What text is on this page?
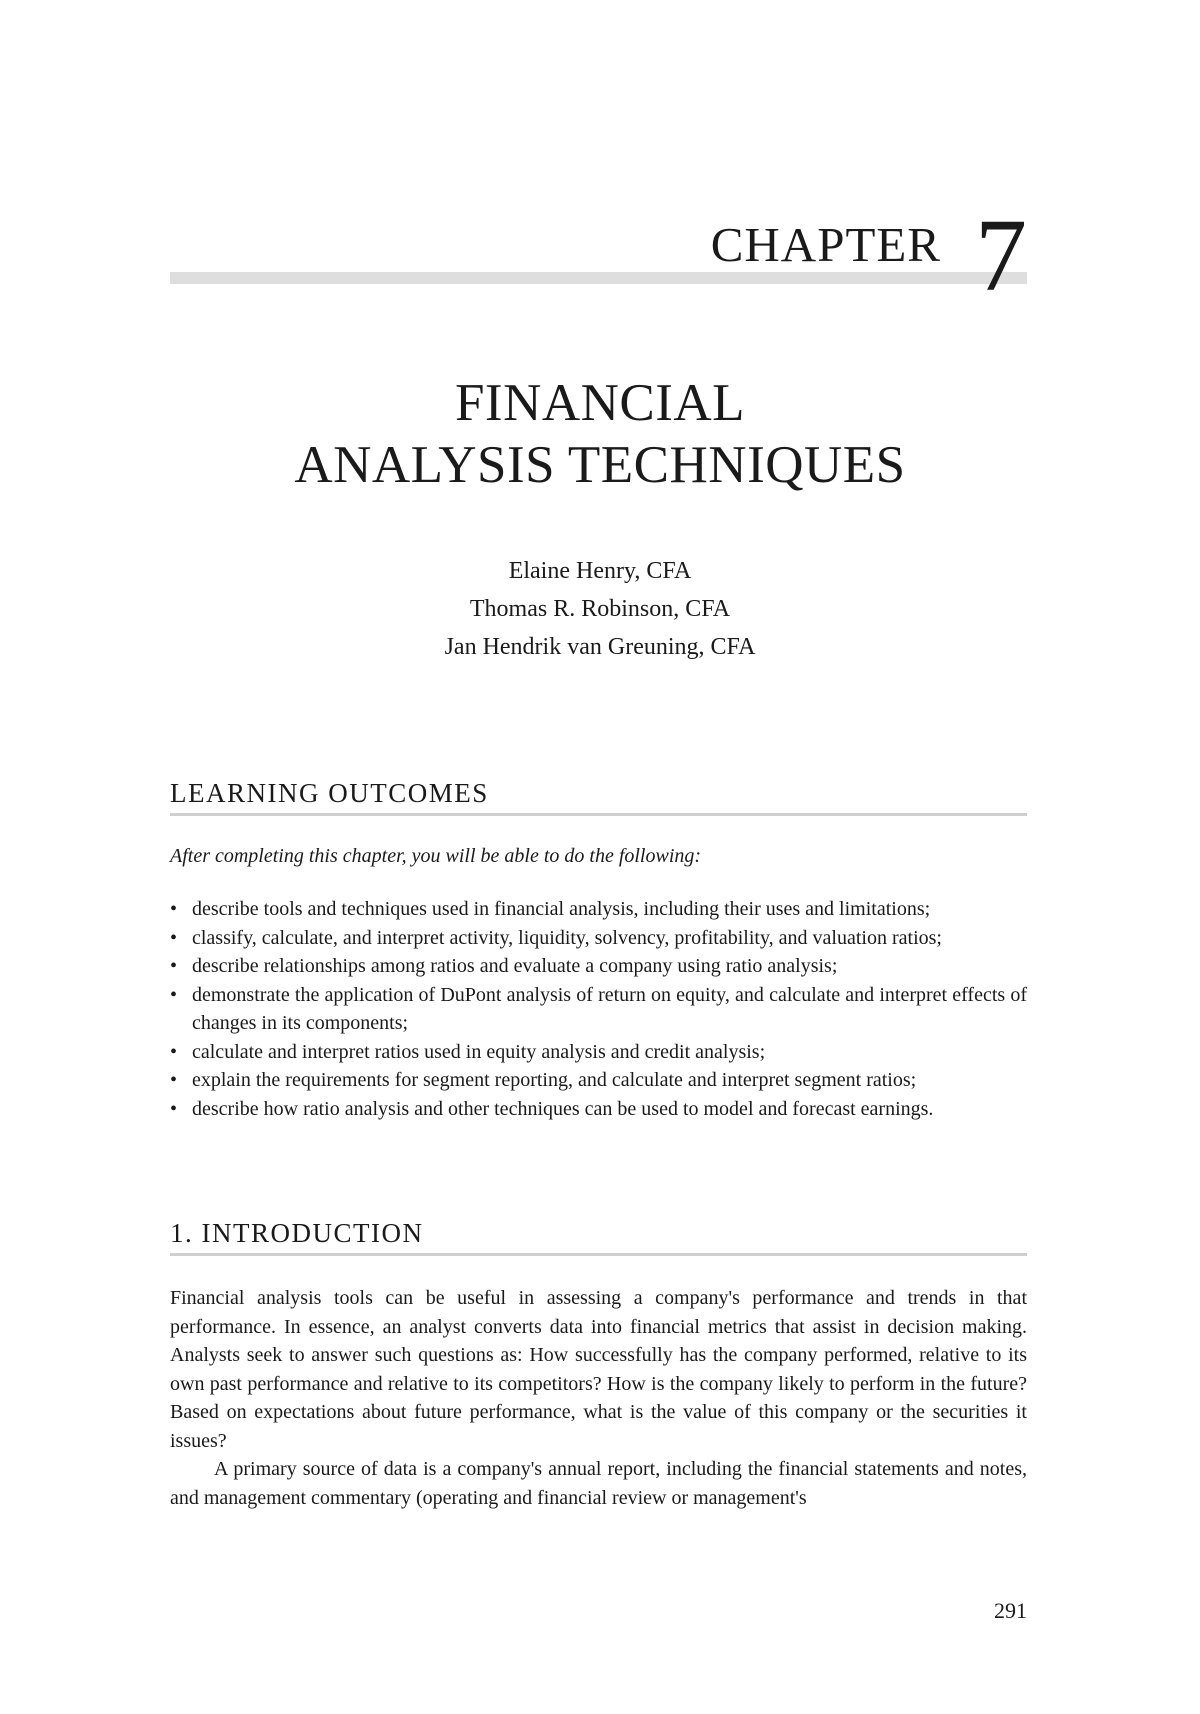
CHAPTER 7
FINANCIAL
ANALYSIS TECHNIQUES
Elaine Henry, CFA
Thomas R. Robinson, CFA
Jan Hendrik van Greuning, CFA
LEARNING OUTCOMES
After completing this chapter, you will be able to do the following:
• describe tools and techniques used in financial analysis, including their uses and limitations;
• classify, calculate, and interpret activity, liquidity, solvency, profitability, and valuation ratios;
• describe relationships among ratios and evaluate a company using ratio analysis;
• demonstrate the application of DuPont analysis of return on equity, and calculate and interpret effects of changes in its components;
• calculate and interpret ratios used in equity analysis and credit analysis;
• explain the requirements for segment reporting, and calculate and interpret segment ratios;
• describe how ratio analysis and other techniques can be used to model and forecast earnings.
1. INTRODUCTION

Financial analysis tools can be useful in assessing a company's performance and trends in that performance. In essence, an analyst converts data into financial metrics that assist in decision making. Analysts seek to answer such questions as: How successfully has the company performed, relative to its own past performance and relative to its competitors? How is the company likely to perform in the future? Based on expectations about future performance, what is the value of this company or the securities it issues?

A primary source of data is a company's annual report, including the financial statements and notes, and management commentary (operating and financial review or management's

291
